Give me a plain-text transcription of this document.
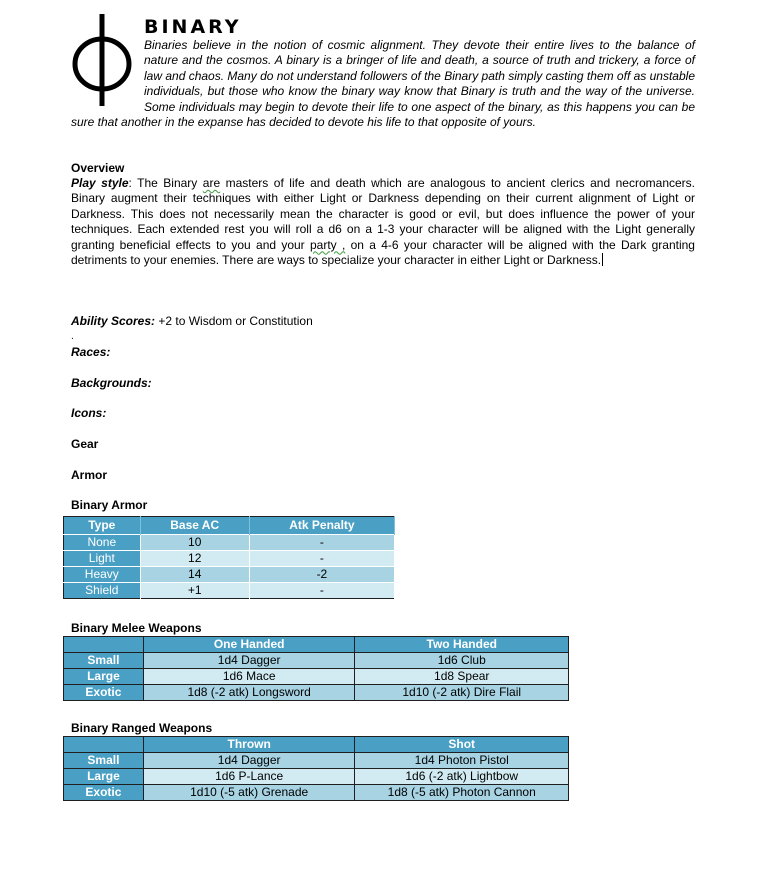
BINARY
Binaries believe in the notion of cosmic alignment. They devote their entire lives to the balance of nature and the cosmos. A binary is a bringer of life and death, a source of truth and trickery, a force of law and chaos. Many do not understand followers of the Binary path simply casting them off as unstable individuals, but those who know the binary way know that Binary is truth and the way of the universe. Some individuals may begin to devote their life to one aspect of the binary, as this happens you can be sure that another in the expanse has decided to devote his life to that opposite of yours.
Overview
Play style: The Binary are masters of life and death which are analogous to ancient clerics and necromancers. Binary augment their techniques with either Light or Darkness depending on their current alignment of Light or Darkness. This does not necessarily mean the character is good or evil, but does influence the power of your techniques. Each extended rest you will roll a d6 on a 1-3 your character will be aligned with the Light generally granting beneficial effects to you and your party , on a 4-6 your character will be aligned with the Dark granting detriments to your enemies. There are ways to specialize your character in either Light or Darkness.
Ability Scores: +2 to Wisdom or Constitution
.
Races:
Backgrounds:
Icons:
Gear
Armor
Binary Armor
Type	Base AC	Atk Penalty
None	10	-
Light	12	-
Heavy	14	-2
Shield	+1	-
Binary Melee Weapons
	One Handed	Two Handed
Small	1d4 Dagger	1d6 Club
Large	1d6 Mace	1d8 Spear
Exotic	1d8 (-2 atk) Longsword	1d10 (-2 atk) Dire Flail
Binary Ranged Weapons
	Thrown	Shot
Small	1d4 Dagger	1d4 Photon Pistol
Large	1d6 P-Lance	1d6 (-2 atk) Lightbow
Exotic	1d10 (-5 atk) Grenade	1d8 (-5 atk) Photon Cannon
